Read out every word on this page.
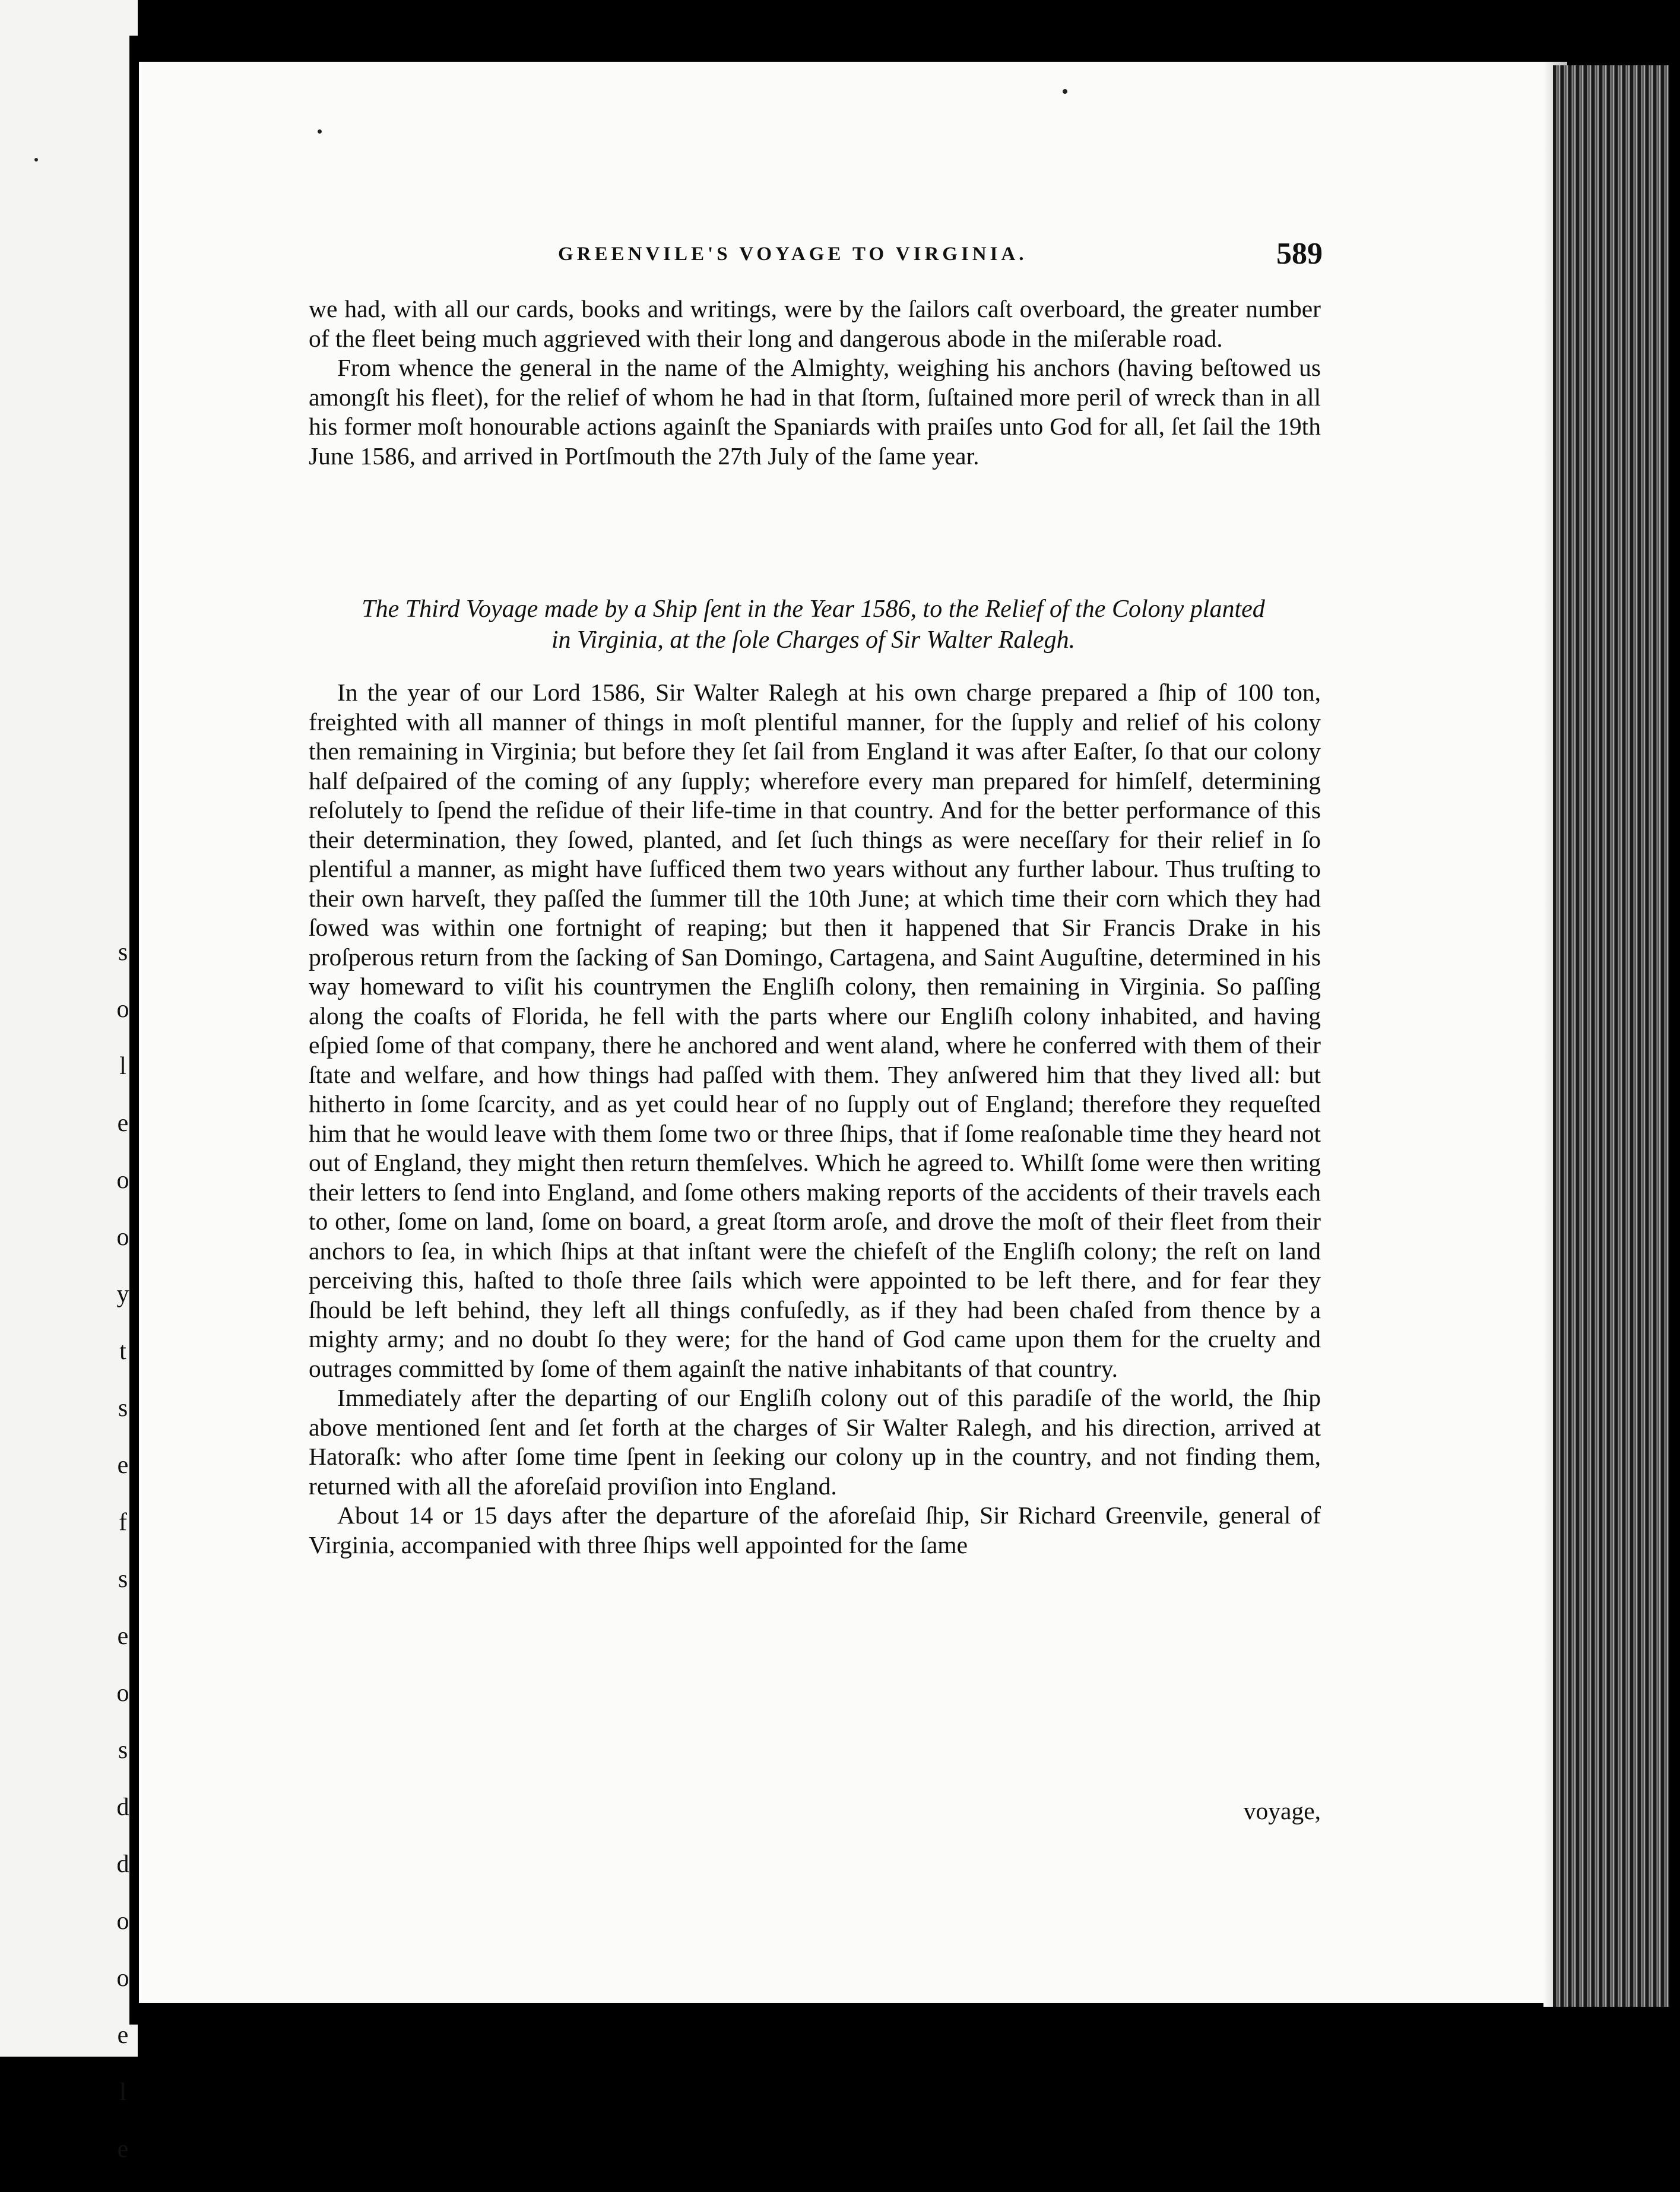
s
o
l
e
o
o
y
t
s
e
f
s
e
o
s
d
d
o
o
e
l
e
GREENVILE'S VOYAGE TO VIRGINIA.	589

we had, with all our cards, books and writings, were by the ſailors caſt overboard, the greater number of the fleet being much aggrieved with their long and dangerous abode in the miſerable road.

From whence the general in the name of the Almighty, weighing his anchors (having beſtowed us amongſt his fleet), for the relief of whom he had in that ſtorm, ſuſtained more peril of wreck than in all his former moſt honourable actions againſt the Spaniards with praiſes unto God for all, ſet ſail the 19th June 1586, and arrived in Portſmouth the 27th July of the ſame year.

The Third Voyage made by a Ship ſent in the Year 1586, to the Relief of the Colony planted
in Virginia, at the ſole Charges of Sir Walter Ralegh.

In the year of our Lord 1586, Sir Walter Ralegh at his own charge prepared a ſhip of 100 ton, freighted with all manner of things in moſt plentiful manner, for the ſupply and relief of his colony then remaining in Virginia; but before they ſet ſail from England it was after Eaſter, ſo that our colony half deſpaired of the coming of any ſupply; wherefore every man prepared for himſelf, determining reſolutely to ſpend the reſidue of their life-time in that country. And for the better performance of this their determination, they ſowed, planted, and ſet ſuch things as were neceſſary for their relief in ſo plentiful a manner, as might have ſufficed them two years without any further labour. Thus truſting to their own harveſt, they paſſed the ſummer till the 10th June; at which time their corn which they had ſowed was within one fortnight of reaping; but then it happened that Sir Francis Drake in his proſperous return from the ſacking of San Domingo, Cartagena, and Saint Auguſtine, determined in his way homeward to viſit his countrymen the Engliſh colony, then remaining in Virginia. So paſſing along the coaſts of Florida, he fell with the parts where our Engliſh colony inhabited, and having eſpied ſome of that company, there he anchored and went aland, where he conferred with them of their ſtate and welfare, and how things had paſſed with them. They anſwered him that they lived all: but hitherto in ſome ſcarcity, and as yet could hear of no ſupply out of England; therefore they requeſted him that he would leave with them ſome two or three ſhips, that if ſome reaſonable time they heard not out of England, they might then return themſelves. Which he agreed to. Whilſt ſome were then writing their letters to ſend into England, and ſome others making reports of the accidents of their travels each to other, ſome on land, ſome on board, a great ſtorm aroſe, and drove the moſt of their fleet from their anchors to ſea, in which ſhips at that inſtant were the chiefeſt of the Engliſh colony; the reſt on land perceiving this, haſted to thoſe three ſails which were appointed to be left there, and for fear they ſhould be left behind, they left all things confuſedly, as if they had been chaſed from thence by a mighty army; and no doubt ſo they were; for the hand of God came upon them for the cruelty and outrages committed by ſome of them againſt the native inhabitants of that country.

Immediately after the departing of our Engliſh colony out of this paradiſe of the world, the ſhip above mentioned ſent and ſet forth at the charges of Sir Walter Ralegh, and his direction, arrived at Hatoraſk: who after ſome time ſpent in ſeeking our colony up in the country, and not finding them, returned with all the aforeſaid proviſion into England.

About 14 or 15 days after the departure of the aforeſaid ſhip, Sir Richard Greenvile, general of Virginia, accompanied with three ſhips well appointed for the ſame

voyage,
